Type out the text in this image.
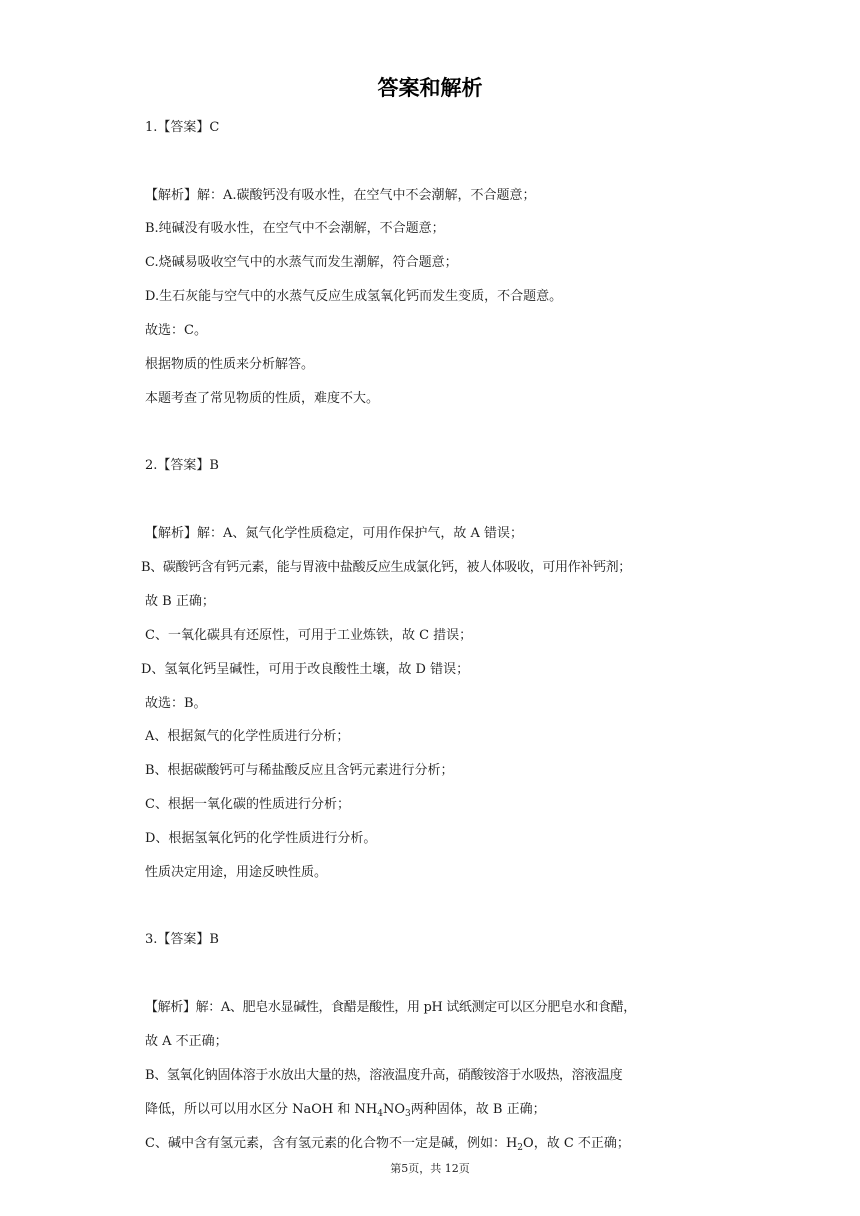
答案和解析
1.【答案】C
【解析】解：A.碳酸钙没有吸水性，在空气中不会潮解，不合题意；
B.纯碱没有吸水性，在空气中不会潮解，不合题意；
C.烧碱易吸收空气中的水蒸气而发生潮解，符合题意；
D.生石灰能与空气中的水蒸气反应生成氢氧化钙而发生变质，不合题意。
故选：C。
根据物质的性质来分析解答。
本题考查了常见物质的性质，难度不大。
2.【答案】B
【解析】解：A、氮气化学性质稳定，可用作保护气，故 A 错误；
B、碳酸钙含有钙元素，能与胃液中盐酸反应生成氯化钙，被人体吸收，可用作补钙剂；
故 B 正确；
C、一氧化碳具有还原性，可用于工业炼铁，故 C 措误；
D、氢氧化钙呈碱性，可用于改良酸性土壤，故 D 错误；
故选：B。
A、根据氮气的化学性质进行分析；
B、根据碳酸钙可与稀盐酸反应且含钙元素进行分析；
C、根据一氧化碳的性质进行分析；
D、根据氢氧化钙的化学性质进行分析。
性质决定用途，用途反映性质。
3.【答案】B
【解析】解：A、肥皂水显碱性，食醋是酸性，用 pH 试纸测定可以区分肥皂水和食醋，
故 A 不正确；
B、氢氧化钠固体溶于水放出大量的热，溶液温度升高，硝酸铵溶于水吸热，溶液温度
降低，所以可以用水区分 NaOH 和 $NH_4NO_3$两种固体，故 B 正确；
C、碱中含有氢元素，含有氢元素的化合物不一定是碱，例如：$H_2O$，故 C 不正确；
第5页，共 12页
